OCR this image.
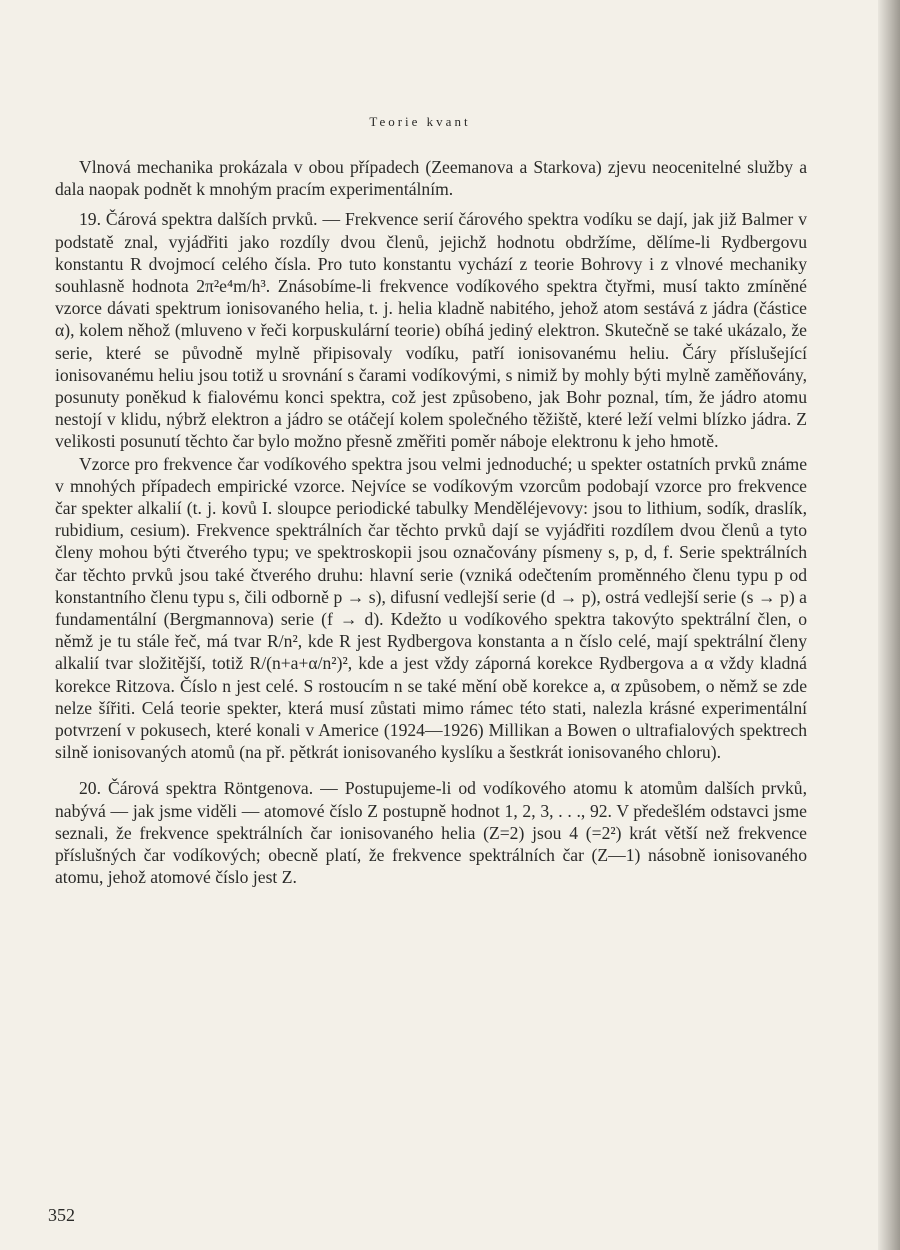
Teorie kvant

Vlnová mechanika prokázala v obou případech (Zeemanova a Starkova) zjevu neocenitelné služby a dala naopak podnět k mnohým pracím experimentálním.

19. Čárová spektra dalších prvků. — Frekvence serií čárového spektra vodíku se dají, jak již Balmer v podstatě znal, vyjádřiti jako rozdíly dvou členů, jejichž hodnotu obdržíme, dělíme-li Rydbergovu konstantu R dvojmocí celého čísla. Pro tuto konstantu vychází z teorie Bohrovy i z vlnové mechaniky souhlasně hodnota 2π²e⁴m/h³. Znásobíme-li frekvence vodíkového spektra čtyřmi, musí takto zmíněné vzorce dávati spektrum ionisovaného helia, t. j. helia kladně nabitého, jehož atom sestává z jádra (částice α), kolem něhož (mluveno v řeči korpuskulární teorie) obíhá jediný elektron. Skutečně se také ukázalo, že serie, které se původně mylně připisovaly vodíku, patří ionisovanému heliu. Čáry příslušející ionisovanému heliu jsou totiž u srovnání s čarami vodíkovými, s nimiž by mohly býti mylně zaměňovány, posunuty poněkud k fialovému konci spektra, což jest způsobeno, jak Bohr poznal, tím, že jádro atomu nestojí v klidu, nýbrž elektron a jádro se otáčejí kolem společného těžiště, které leží velmi blízko jádra. Z velikosti posunutí těchto čar bylo možno přesně změřiti poměr náboje elektronu k jeho hmotě.

Vzorce pro frekvence čar vodíkového spektra jsou velmi jednoduché; u spekter ostatních prvků známe v mnohých případech empirické vzorce. Nejvíce se vodíkovým vzorcům podobají vzorce pro frekvence čar spekter alkalií (t. j. kovů I. sloupce periodické tabulky Menděléjevovy: jsou to lithium, sodík, draslík, rubidium, cesium). Frekvence spektrálních čar těchto prvků dají se vyjádřiti rozdílem dvou členů a tyto členy mohou býti čtverého typu; ve spektroskopii jsou označovány písmeny s, p, d, f. Serie spektrálních čar těchto prvků jsou také čtverého druhu: hlavní serie (vzniká odečtením proměnného členu typu p od konstantního členu typu s, čili odborně p → s), difusní vedlejší serie (d → p), ostrá vedlejší serie (s → p) a fundamentální (Bergmannova) serie (f → d). Kdežto u vodíkového spektra takovýto spektrální člen, o němž je tu stále řeč, má tvar R/n², kde R jest Rydbergova konstanta a n číslo celé, mají spektrální členy alkalií tvar složitější, totiž R/(n+a+α/n²)², kde a jest vždy záporná korekce Rydbergova a α vždy kladná korekce Ritzova. Číslo n jest celé. S rostoucím n se také mění obě korekce a, α způsobem, o němž se zde nelze šířiti. Celá teorie spekter, která musí zůstati mimo rámec této stati, nalezla krásné experimentální potvrzení v pokusech, které konali v Americe (1924—1926) Millikan a Bowen o ultrafialových spektrech silně ionisovaných atomů (na př. pětkrát ionisovaného kyslíku a šestkrát ionisovaného chloru).

20. Čárová spektra Röntgenova. — Postupujeme-li od vodíkového atomu k atomům dalších prvků, nabývá — jak jsme viděli — atomové číslo Z postupně hodnot 1, 2, 3, . . ., 92. V předešlém odstavci jsme seznali, že frekvence spektrálních čar ionisovaného helia (Z=2) jsou 4 (=2²) krát větší než frekvence příslušných čar vodíkových; obecně platí, že frekvence spektrálních čar (Z—1) násobně ionisovaného atomu, jehož atomové číslo jest Z.

352
